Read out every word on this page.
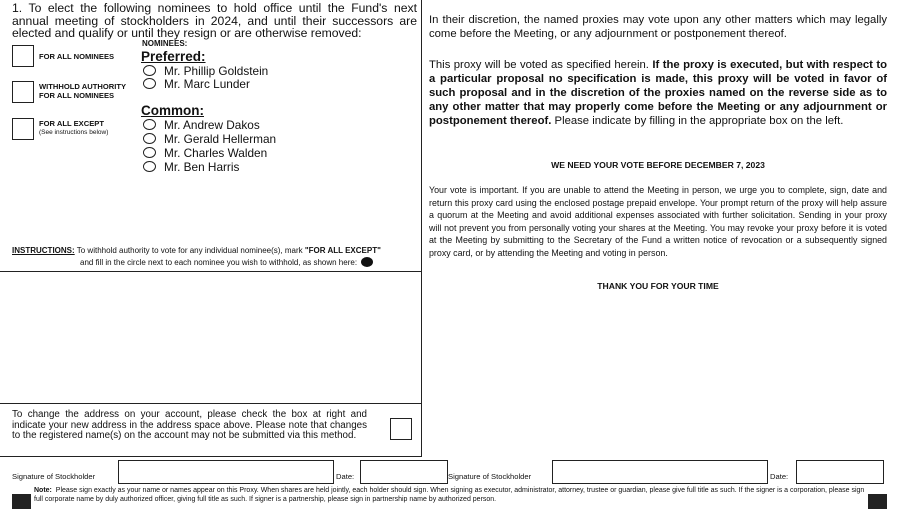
1. To elect the following nominees to hold office until the Fund's next annual meeting of stockholders in 2024, and until their successors are elected and qualify or until they resign or are otherwise removed:
FOR ALL NOMINEES
WITHHOLD AUTHORITY
FOR ALL NOMINEES
FOR ALL EXCEPT
(See instructions below)
NOMINEES:
Preferred:
Mr. Phillip Goldstein
Mr. Marc Lunder
Common:
Mr. Andrew Dakos
Mr. Gerald Hellerman
Mr. Charles Walden
Mr. Ben Harris
INSTRUCTIONS: To withhold authority to vote for any individual nominee(s), mark "FOR ALL EXCEPT"
and fill in the circle next to each nominee you wish to withhold, as shown here:
To change the address on your account, please check the box at right and indicate your new address in the address space above. Please note that changes to the registered name(s) on the account may not be submitted via this method.
In their discretion, the named proxies may vote upon any other matters which may legally come before the Meeting, or any adjournment or postponement thereof.
This proxy will be voted as specified herein. If the proxy is executed, but with respect to a particular proposal no specification is made, this proxy will be voted in favor of such proposal and in the discretion of the proxies named on the reverse side as to any other matter that may properly come before the Meeting or any adjournment or postponement thereof. Please indicate by filling in the appropriate box on the left.
WE NEED YOUR VOTE BEFORE DECEMBER 7, 2023
Your vote is important. If you are unable to attend the Meeting in person, we urge you to complete, sign, date and return this proxy card using the enclosed postage prepaid envelope. Your prompt return of the proxy will help assure a quorum at the Meeting and avoid additional expenses associated with further solicitation. Sending in your proxy will not prevent you from personally voting your shares at the Meeting. You may revoke your proxy before it is voted at the Meeting by submitting to the Secretary of the Fund a written notice of revocation or a subsequently signed proxy card, or by attending the Meeting and voting in person.
THANK YOU FOR YOUR TIME
Signature of Stockholder	Date:	Signature of Stockholder	Date:
Note: Please sign exactly as your name or names appear on this Proxy. When shares are held jointly, each holder should sign. When signing as executor, administrator, attorney, trustee or guardian, please give full title as such. If the signer is a corporation, please sign full corporate name by duly authorized officer, giving full title as such. If signer is a partnership, please sign in partnership name by authorized person.
